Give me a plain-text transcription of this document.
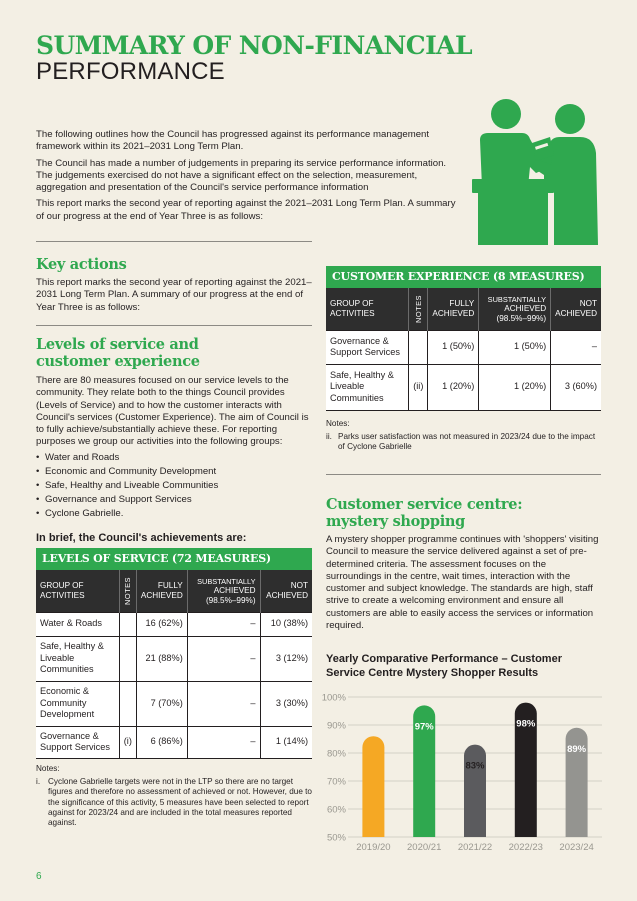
SUMMARY OF NON-FINANCIAL
PERFORMANCE

The following outlines how the Council has progressed against its performance management framework within its 2021–2031 Long Term Plan.

The Council has made a number of judgements in preparing its service performance information. The judgements exercised do not have a significant effect on the selection, measurement, aggregation and presentation of the Council's service performance information

This report marks the second year of reporting against the 2021–2031 Long Term Plan. A summary of our progress at the end of Year Three is as follows:

Key actions
This report marks the second year of reporting against the 2021–2031 Long Term Plan. A summary of our progress at the end of Year Three is as follows:
Levels of service and
customer experience
There are 80 measures focused on our service levels to the community. They relate both to the things Council provides (Levels of Service) and to how the customer interacts with Council's services (Customer Experience). The aim of Council is to fully achieve/substantially achieve these. For reporting purposes we group our activities into the following groups:
• Water and Roads
• Economic and Community Development
• Safe, Healthy and Liveable Communities
• Governance and Support Services
• Cyclone Gabrielle.
In brief, the Council's achievements are:
LEVELS OF SERVICE (72 MEASURES)
GROUP OF
ACTIVITIES	NOTES	FULLY
ACHIEVED	SUBSTANTIALLY
ACHIEVED
(98.5%–99%)	NOT
ACHIEVED
Water & Roads		16 (62%)	–	10 (38%)
Safe, Healthy & Liveable Communities		21 (88%)	–	3 (12%)
Economic & Community Development		7 (70%)	–	3 (30%)
Governance & Support Services	(i)	6 (86%)	–	1 (14%)
Notes:
i. Cyclone Gabrielle targets were not in the LTP so there are no target figures and therefore no assessment of achieved or not. However, due to the significance of this activity, 5 measures have been selected to report against for 2023/24 and are included in the total measures reported against.
CUSTOMER EXPERIENCE (8 MEASURES)
GROUP OF
ACTIVITIES	NOTES	FULLY
ACHIEVED	SUBSTANTIALLY
ACHIEVED
(98.5%–99%)	NOT
ACHIEVED
Governance & Support Services		1 (50%)	1 (50%)	–
Safe, Healthy & Liveable Communities	(ii)	1 (20%)	1 (20%)	3 (60%)
Notes:
ii. Parks user satisfaction was not measured in 2023/24 due to the impact of Cyclone Gabrielle
Customer service centre:
mystery shopping
A mystery shopper programme continues with 'shoppers' visiting Council to measure the service delivered against a set of pre-determined criteria. The assessment focuses on the surroundings in the centre, wait times, interaction with the customer and subject knowledge. The standards are high, staff strive to create a welcoming environment and ensure all customers are able to easily access the services or information required.
Yearly Comparative Performance – Customer Service Centre Mystery Shopper Results
50%
60%
70%
80%
90%
100%
86%
2019/20
97%
2020/21
83%
2021/22
98%
2022/23
89%
2023/24
6
